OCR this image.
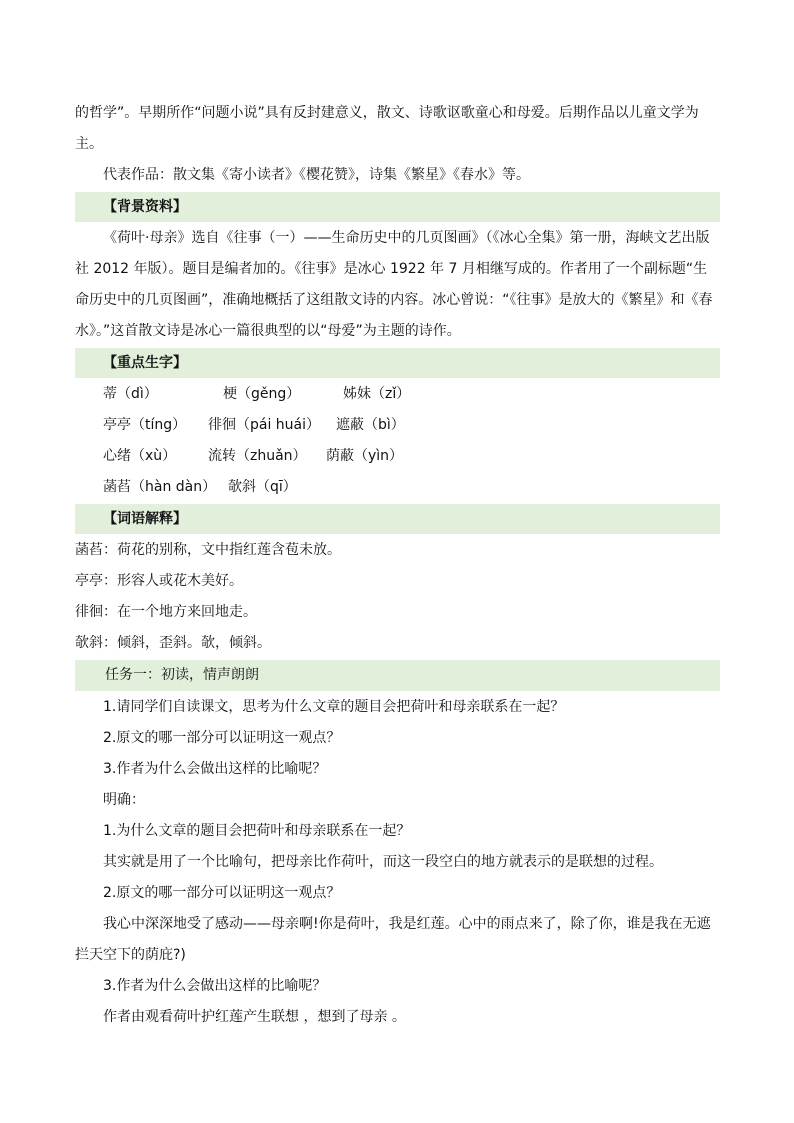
的哲学”。早期所作“问题小说”具有反封建意义，散文、诗歌讴歌童心和母爱。后期作品以儿童文学为

主。

代表作品：散文集《寄小读者》《樱花赞》，诗集《繁星》《春水》等。

【背景资料】

《荷叶·母亲》选自《往事（一）——生命历史中的几页图画》（《冰心全集》第一册，海峡文艺出版社 2012 年版）。题目是编者加的。《往事》是冰心 1922 年 7 月相继写成的。作者用了一个副标题“生命历史中的几页图画”，准确地概括了这组散文诗的内容。冰心曾说：“《往事》是放大的《繁星》和《春水》。”这首散文诗是冰心一篇很典型的以“母爱”为主题的诗作。

【重点生字】
蒂（dì）	梗（gěng）	姊妹（zǐ）
亭亭（tíng）	徘徊（pái huái）	遮蔽（bì）
心绪（xù）	流转（zhuǎn）	荫蔽（yìn）
菡萏（hàn dàn） 欹斜（qī）
【词语解释】

菡萏：荷花的别称，文中指红莲含苞未放。

亭亭：形容人或花木美好。

徘徊：在一个地方来回地走。

欹斜：倾斜，歪斜。欹，倾斜。

任务一：初读，情声朗朗

1.请同学们自读课文，思考为什么文章的题目会把荷叶和母亲联系在一起？

2.原文的哪一部分可以证明这一观点？

3.作者为什么会做出这样的比喻呢？

明确：

1.为什么文章的题目会把荷叶和母亲联系在一起？

其实就是用了一个比喻句，把母亲比作荷叶，而这一段空白的地方就表示的是联想的过程。

2.原文的哪一部分可以证明这一观点？

我心中深深地受了感动——母亲啊!你是荷叶，我是红莲。心中的雨点来了，除了你，谁是我在无遮拦天空下的荫庇?)

3.作者为什么会做出这样的比喻呢？

作者由观看荷叶护红莲产生联想 ，想到了母亲 。
